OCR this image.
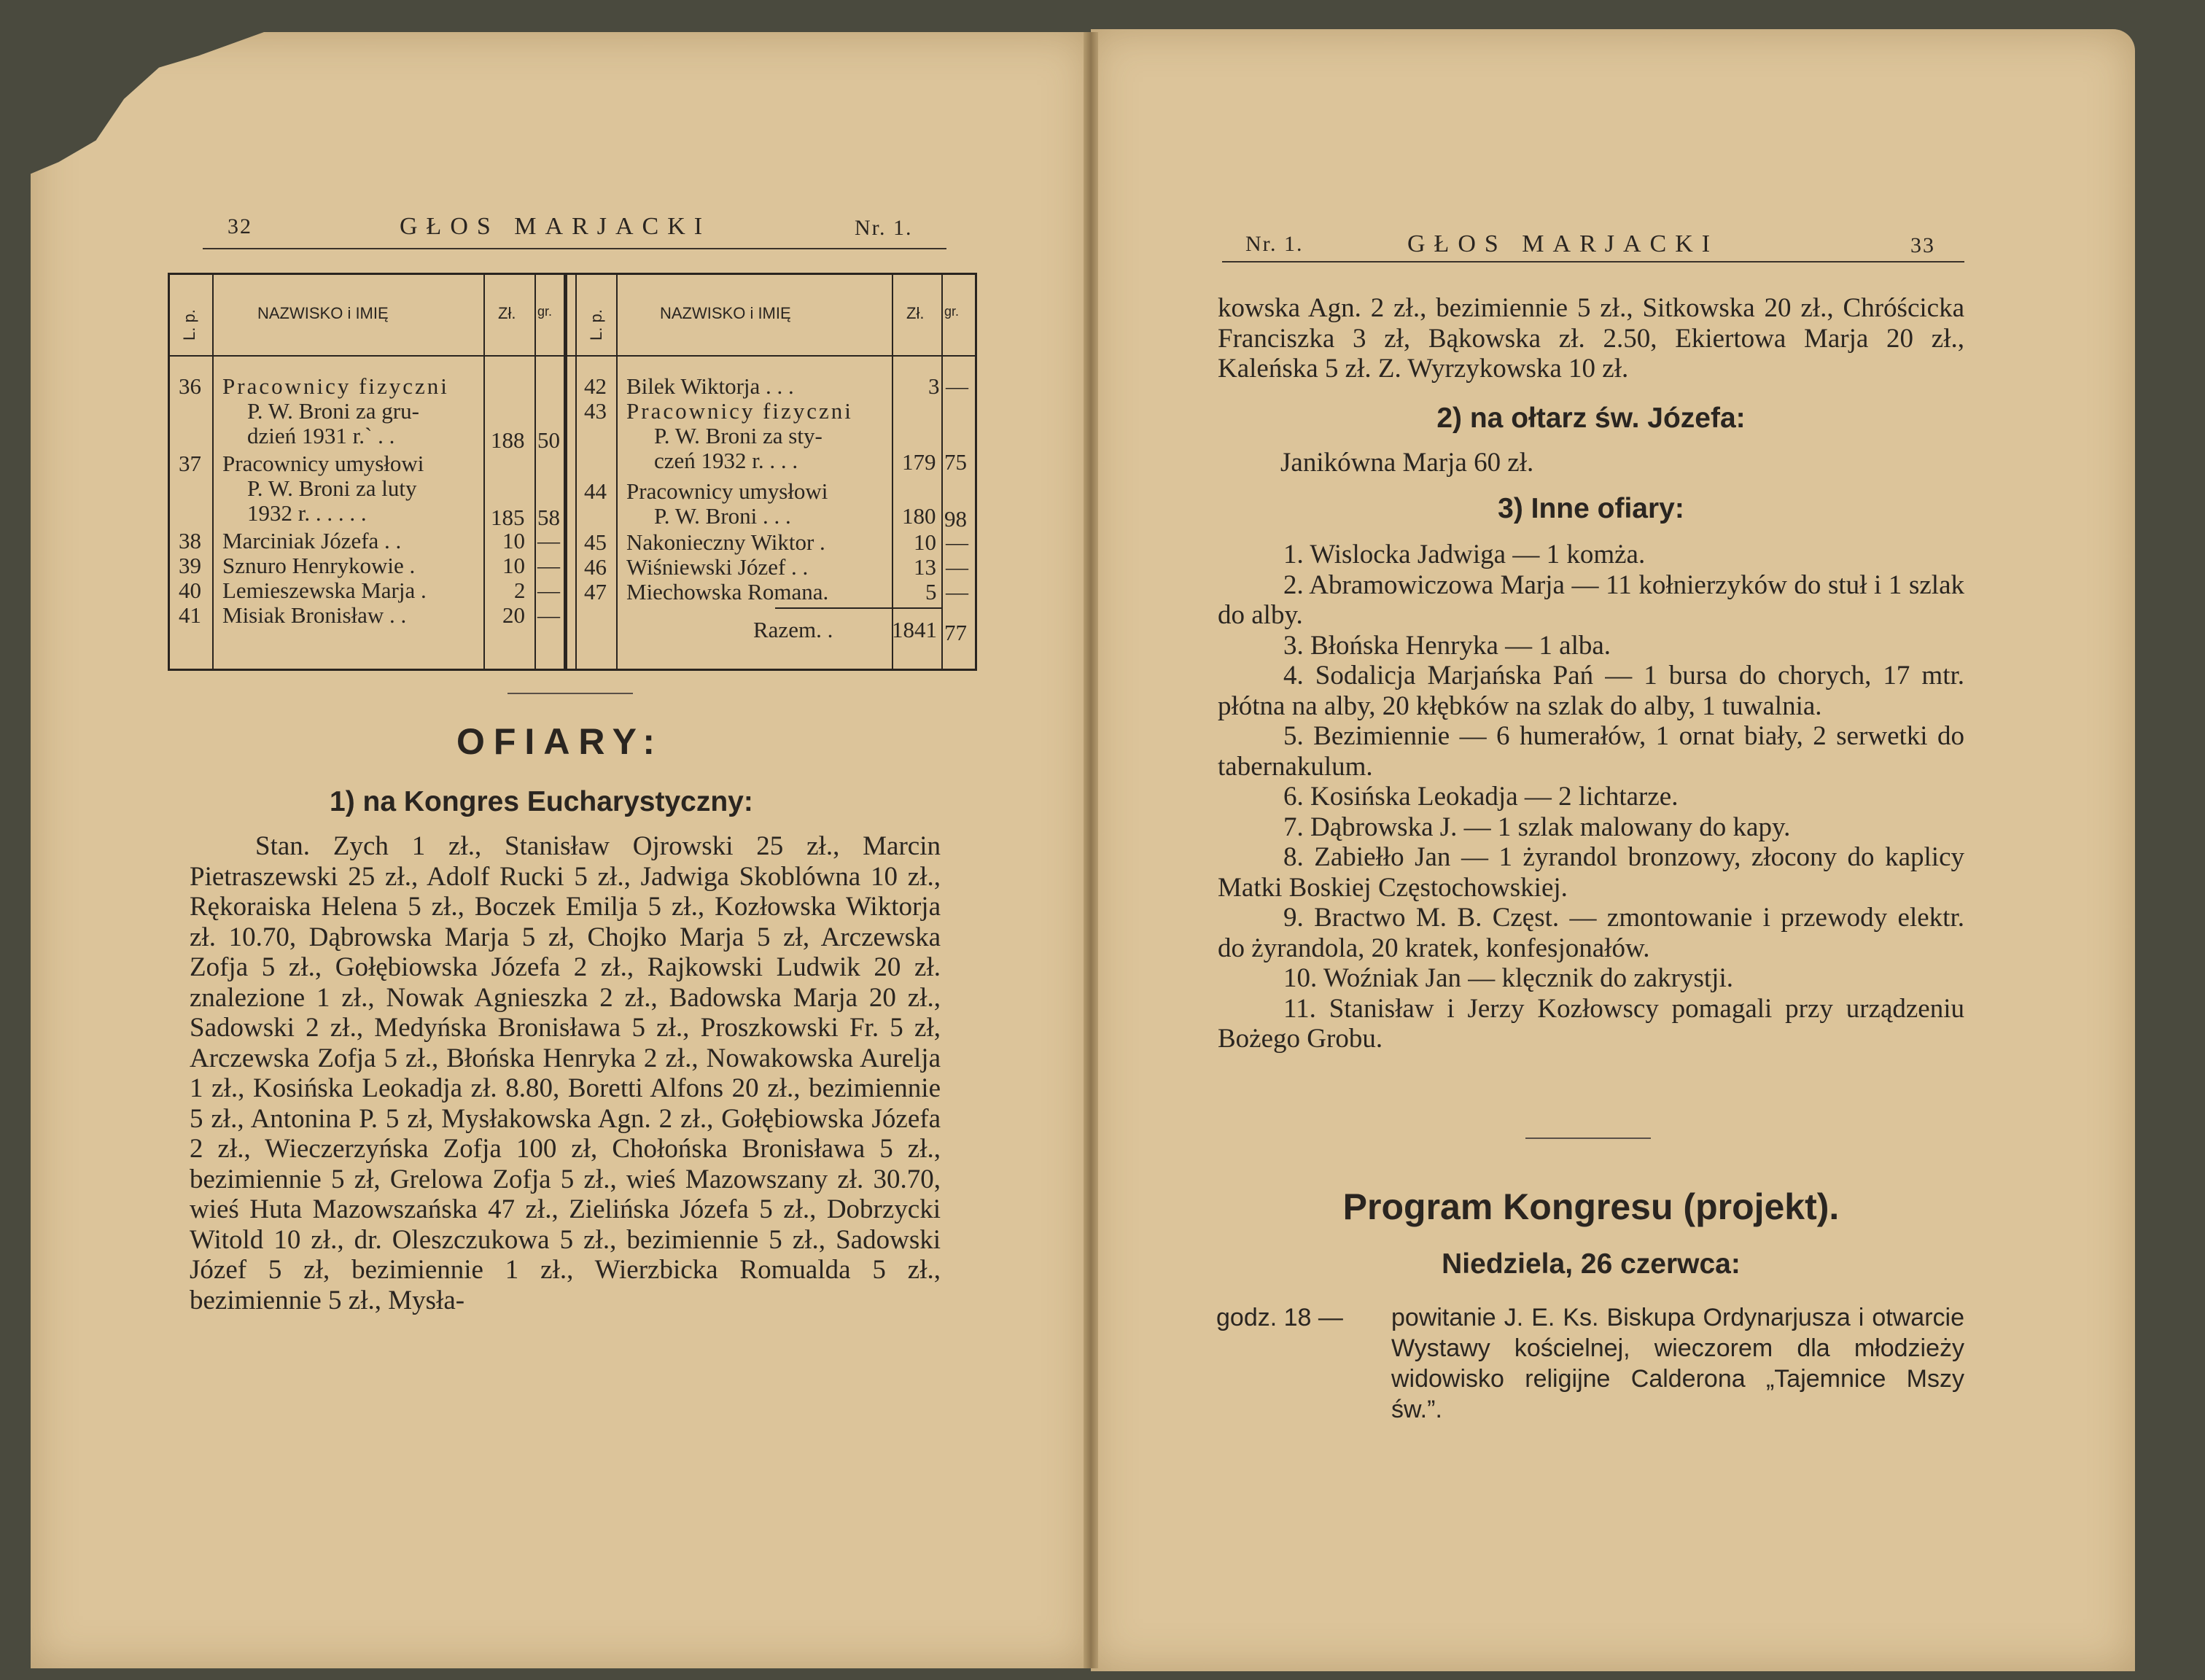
32	GŁOS MARJACKI	Nr. 1.
L. p.	NAZWISKO i IMIĘ	Zł. gr. L. p.	NAZWISKO i IMIĘ	Zł. gr.
36 Pracownicy fizyczni
P. W. Broni za gru-
dzień 1931 r.` . .	188 50
37 Pracownicy umysłowi
P. W. Broni za luty
1932 r. . . . . .	185 58
38 Marciniak Józefa . .	10 —
39 Sznuro Henrykowie .	10 —
40 Lemieszewska Marja .	2 —
41 Misiak Bronisław . .	20 —
42 Bilek Wiktorja . . .	3 —
43 Pracownicy fizyczni
P. W. Broni za sty-
czeń 1932 r. . . .	179 75
44 Pracownicy umysłowi
P. W. Broni . . .	180 98
45 Nakonieczny Wiktor .	10 —
46 Wiśniewski Józef . .	13 —
47 Miechowska Romana.	5 —
Razem. .	1841 77
OFIARY:
1) na Kongres Eucharystyczny:

Stan. Zych 1 zł., Stanisław Ojrowski 25 zł., Marcin Pietraszewski 25 zł., Adolf Rucki 5 zł., Jadwiga Skoblówna 10 zł., Rękoraiska Helena 5 zł., Boczek Emilja 5 zł., Kozłowska Wiktorja zł. 10.70, Dąbrowska Marja 5 zł, Chojko Marja 5 zł, Arczewska Zofja 5 zł., Gołębiowska Józefa 2 zł., Rajkowski Ludwik 20 zł. znalezione 1 zł., Nowak Agnieszka 2 zł., Badowska Marja 20 zł., Sadowski 2 zł., Medyńska Bronisława 5 zł., Proszkowski Fr. 5 zł, Arczewska Zofja 5 zł., Błońska Henryka 2 zł., Nowakowska Aurelja 1 zł., Kosińska Leokadja zł. 8.80, Boretti Alfons 20 zł., bezimiennie 5 zł., Antonina P. 5 zł, Mysłakowska Agn. 2 zł., Gołębiowska Józefa 2 zł., Wieczerzyńska Zofja 100 zł, Chołońska Bronisława 5 zł., bezimiennie 5 zł, Grelowa Zofja 5 zł., wieś Mazowszany zł. 30.70, wieś Huta Mazowszańska 47 zł., Zielińska Józefa 5 zł., Dobrzycki Witold 10 zł., dr. Oleszczukowa 5 zł., bezimiennie 5 zł., Sadowski Józef 5 zł, bezimiennie 1 zł., Wierzbicka Romualda 5 zł., bezimiennie 5 zł., Mysła-

Nr. 1.	GŁOS MARJACKI	33

kowska Agn. 2 zł., bezimiennie 5 zł., Sitkowska 20 zł., Chróścicka Franciszka 3 zł, Bąkowska zł. 2.50, Ekiertowa Marja 20 zł., Kaleńska 5 zł. Z. Wyrzykowska 10 zł.

2) na ołtarz św. Józefa:
Janikówna Marja 60 zł.
3) Inne ofiary:

1. Wislocka Jadwiga — 1 komża.

2. Abramowiczowa Marja — 11 kołnierzyków do stuł i 1 szlak do alby.

3. Błońska Henryka — 1 alba.

4. Sodalicja Marjańska Pań — 1 bursa do chorych, 17 mtr. płótna na alby, 20 kłębków na szlak do alby, 1 tuwalnia.

5. Bezimiennie — 6 humerałów, 1 ornat biały, 2 serwetki do tabernakulum.

6. Kosińska Leokadja — 2 lichtarze.

7. Dąbrowska J. — 1 szlak malowany do kapy.

8. Zabiełło Jan — 1 żyrandol bronzowy, złocony do kaplicy Matki Boskiej Częstochowskiej.

9. Bractwo M. B. Częst. — zmontowanie i przewody elektr. do żyrandola, 20 kratek, konfesjonałów.

10. Woźniak Jan — klęcznik do zakrystji.

11. Stanisław i Jerzy Kozłowscy pomagali przy urządzeniu Bożego Grobu.

Program Kongresu (projekt).
Niedziela, 26 czerwca:
godz. 18 — powitanie J. E. Ks. Biskupa Ordynarjusza i otwarcie Wystawy kościelnej, wieczorem dla młodzieży widowisko religijne Calderona „Tajemnice Mszy św.”.
